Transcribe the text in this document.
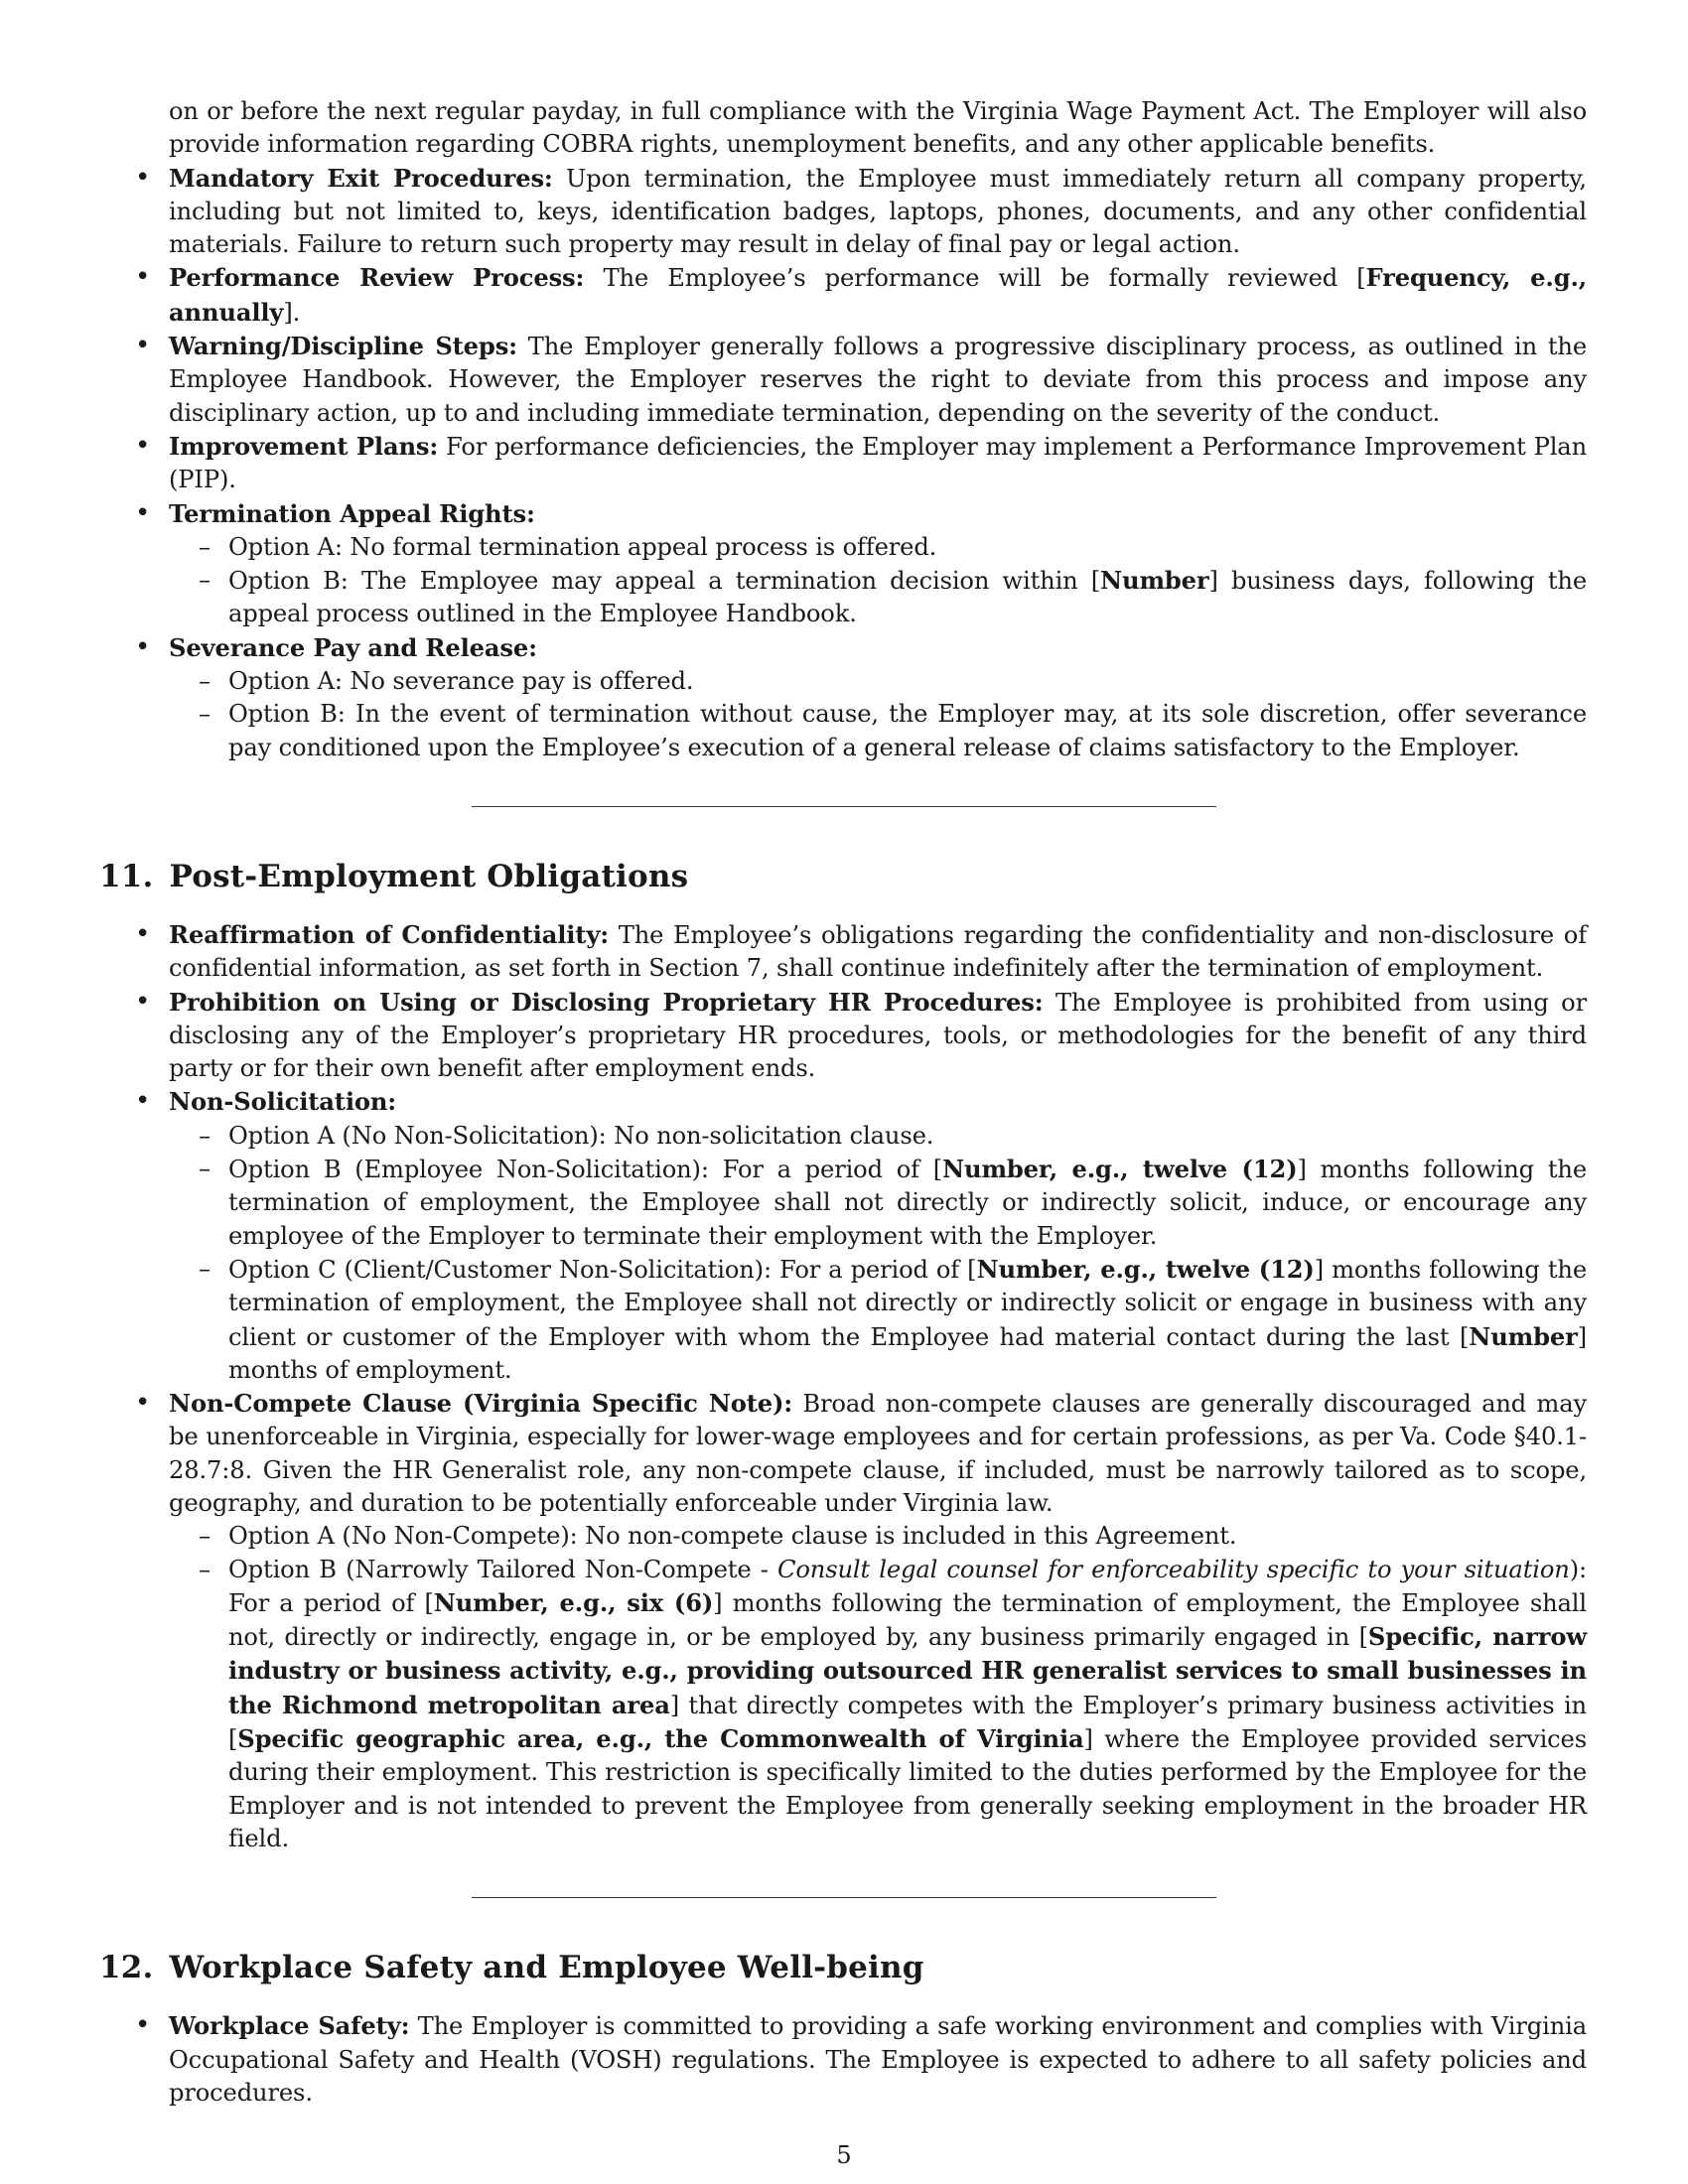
on or before the next regular payday, in full compliance with the Virginia Wage Payment Act. The Employer will also provide information regarding COBRA rights, unemployment benefits, and any other applicable benefits.

• Mandatory Exit Procedures: Upon termination, the Employee must immediately return all company property, including but not limited to, keys, identification badges, laptops, phones, documents, and any other confidential materials. Failure to return such property may result in delay of final pay or legal action.
• Performance Review Process: The Employee’s performance will be formally reviewed [Frequency, e.g., annually].
• Warning/Discipline Steps: The Employer generally follows a progressive disciplinary process, as outlined in the Employee Handbook. However, the Employer reserves the right to deviate from this process and impose any disciplinary action, up to and including immediate termination, depending on the severity of the conduct.
• Improvement Plans: For performance deficiencies, the Employer may implement a Performance Improvement Plan (PIP).
• Termination Appeal Rights:
– Option A: No formal termination appeal process is offered.
– Option B: The Employee may appeal a termination decision within [Number] business days, following the appeal process outlined in the Employee Handbook.
• Severance Pay and Release:
– Option A: No severance pay is offered.
– Option B: In the event of termination without cause, the Employer may, at its sole discretion, offer severance pay conditioned upon the Employee’s execution of a general release of claims satisfactory to the Employer.
11. Post-Employment Obligations
• Reaffirmation of Confidentiality: The Employee’s obligations regarding the confidentiality and non-disclosure of confidential information, as set forth in Section 7, shall continue indefinitely after the termination of employment.
• Prohibition on Using or Disclosing Proprietary HR Procedures: The Employee is prohibited from using or disclosing any of the Employer’s proprietary HR procedures, tools, or methodologies for the benefit of any third party or for their own benefit after employment ends.
• Non-Solicitation:
– Option A (No Non-Solicitation): No non-solicitation clause.
– Option B (Employee Non-Solicitation): For a period of [Number, e.g., twelve (12)] months following the termination of employment, the Employee shall not directly or indirectly solicit, induce, or encourage any employee of the Employer to terminate their employment with the Employer.
– Option C (Client/Customer Non-Solicitation): For a period of [Number, e.g., twelve (12)] months following the termination of employment, the Employee shall not directly or indirectly solicit or engage in business with any client or customer of the Employer with whom the Employee had material contact during the last [Number] months of employment.
• Non-Compete Clause (Virginia Specific Note): Broad non-compete clauses are generally discouraged and may be unenforceable in Virginia, especially for lower-wage employees and for certain professions, as per Va. Code §40.1-28.7:8. Given the HR Generalist role, any non-compete clause, if included, must be narrowly tailored as to scope, geography, and duration to be potentially enforceable under Virginia law.
– Option A (No Non-Compete): No non-compete clause is included in this Agreement.
– Option B (Narrowly Tailored Non-Compete - Consult legal counsel for enforceability specific to your situation): For a period of [Number, e.g., six (6)] months following the termination of employment, the Employee shall not, directly or indirectly, engage in, or be employed by, any business primarily engaged in [Specific, narrow industry or business activity, e.g., providing outsourced HR generalist services to small businesses in the Richmond metropolitan area] that directly competes with the Employer’s primary business activities in [Specific geographic area, e.g., the Commonwealth of Virginia] where the Employee provided services during their employment. This restriction is specifically limited to the duties performed by the Employee for the Employer and is not intended to prevent the Employee from generally seeking employment in the broader HR field.
12. Workplace Safety and Employee Well-being
• Workplace Safety: The Employer is committed to providing a safe working environment and complies with Virginia Occupational Safety and Health (VOSH) regulations. The Employee is expected to adhere to all safety policies and procedures.
5
